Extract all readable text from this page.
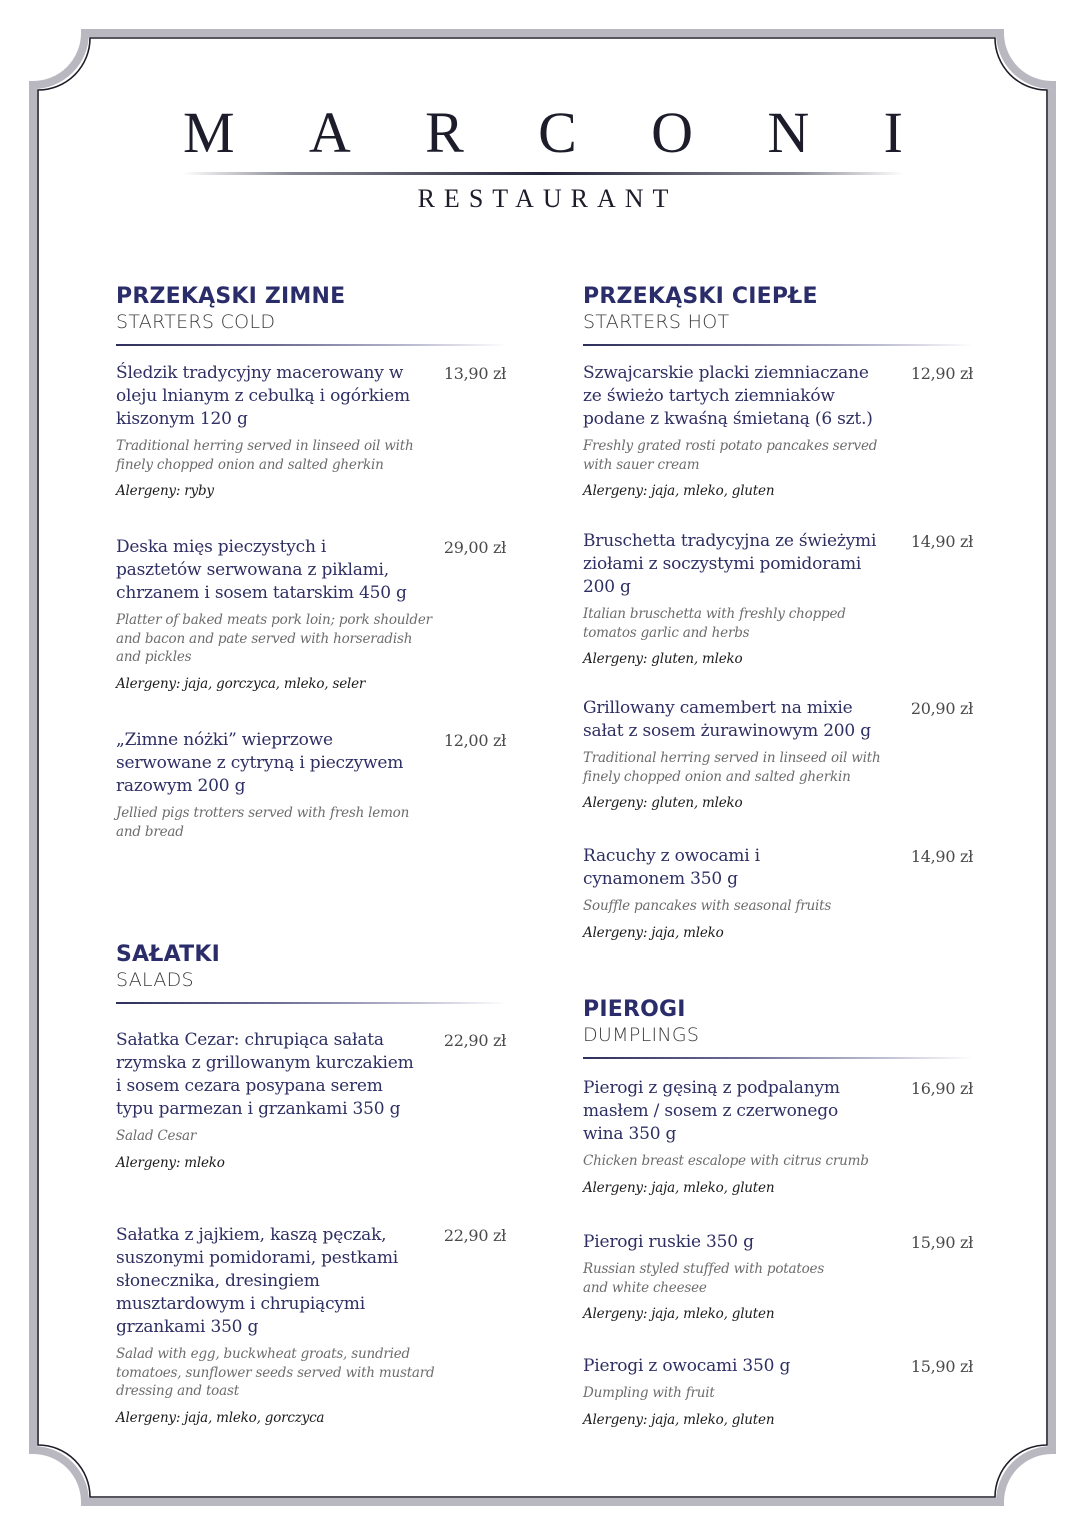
M A R C O N I
RESTAURANT
PRZEKĄSKI ZIMNE
STARTERS COLD
Śledzik tradycyjny macerowany w oleju lnianym z cebulką i ogórkiem kiszonym 120 g
13,90 zł
Traditional herring served in linseed oil with finely chopped onion and salted gherkin
Alergeny: ryby
Deska mięs pieczystych i pasztetów serwowana z piklami, chrzanem i sosem tatarskim 450 g
29,00 zł
Platter of baked meats pork loin; pork shoulder and bacon and pate served with horseradish and pickles
Alergeny: jaja, gorczyca, mleko, seler
„Zimne nóżki” wieprzowe serwowane z cytryną i pieczywem razowym 200 g
12,00 zł
Jellied pigs trotters served with fresh lemon and bread
SAŁATKI
SALADS
Sałatka Cezar: chrupiąca sałata rzymska z grillowanym kurczakiem i sosem cezara posypana serem typu parmezan i grzankami 350 g
22,90 zł
Salad Cesar
Alergeny: mleko
Sałatka z jajkiem, kaszą pęczak, suszonymi pomidorami, pestkami słonecznika, dresingiem musztardowym i chrupiącymi grzankami 350 g
22,90 zł
Salad with egg, buckwheat groats, sundried tomatoes, sunflower seeds served with mustard dressing and toast
Alergeny: jaja, mleko, gorczyca
PRZEKĄSKI CIEPŁE
STARTERS HOT
Szwajcarskie placki ziemniaczane ze świeżo tartych ziemniaków podane z kwaśną śmietaną (6 szt.)
12,90 zł
Freshly grated rosti potato pancakes served with sauer cream
Alergeny: jaja, mleko, gluten
Bruschetta tradycyjna ze świeżymi ziołami z soczystymi pomidorami 200 g
14,90 zł
Italian bruschetta with freshly chopped tomatos garlic and herbs
Alergeny: gluten, mleko
Grillowany camembert na mixie sałat z sosem żurawinowym 200 g
20,90 zł
Traditional herring served in linseed oil with finely chopped onion and salted gherkin
Alergeny: gluten, mleko
Racuchy z owocami i cynamonem 350 g
14,90 zł
Souffle pancakes with seasonal fruits
Alergeny: jaja, mleko
PIEROGI
DUMPLINGS
Pierogi z gęsiną z podpalanym masłem / sosem z czerwonego wina 350 g
16,90 zł
Chicken breast escalope with citrus crumb
Alergeny: jaja, mleko, gluten
Pierogi ruskie 350 g	15,90 zł
Russian styled stuffed with potatoes and white cheesee
Alergeny: jaja, mleko, gluten
Pierogi z owocami 350 g	15,90 zł
Dumpling with fruit
Alergeny: jaja, mleko, gluten
